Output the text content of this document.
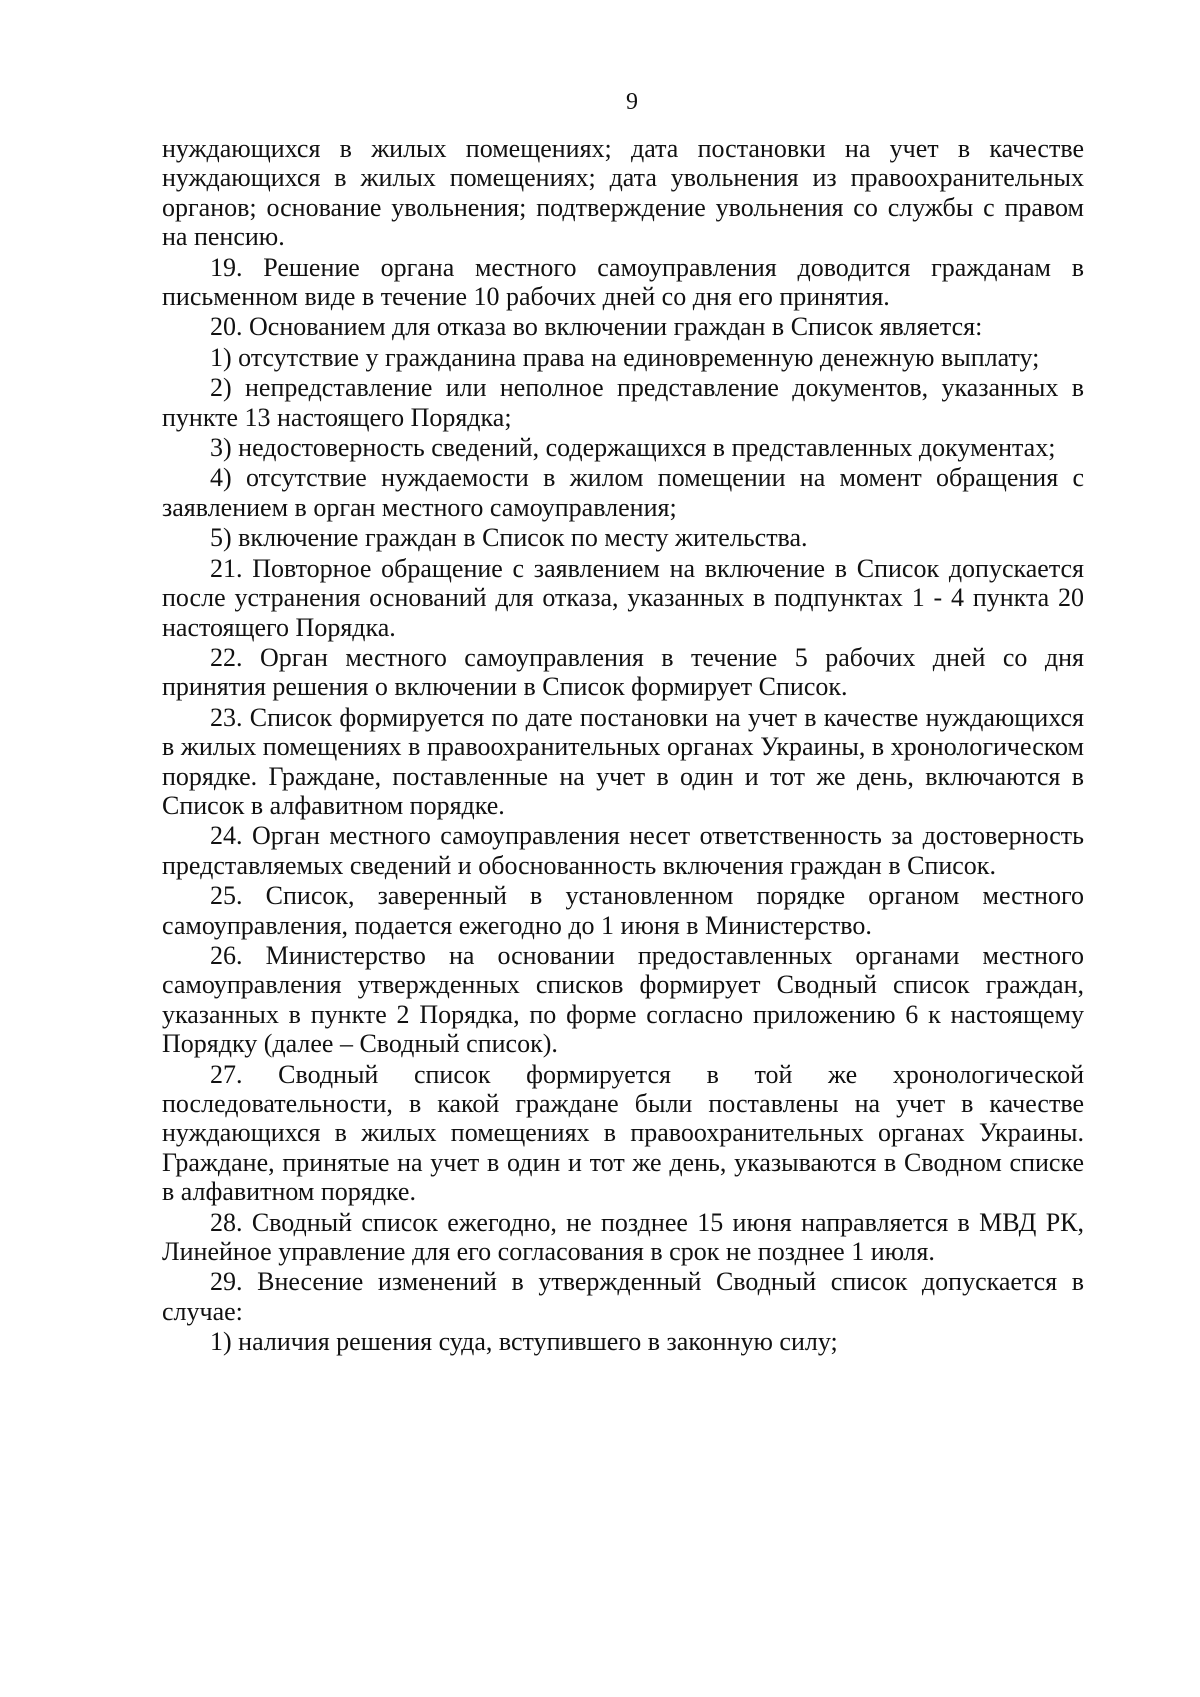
9

нуждающихся в жилых помещениях; дата постановки на учет в качестве нуждающихся в жилых помещениях; дата увольнения из правоохранительных органов; основание увольнения; подтверждение увольнения со службы с правом на пенсию.

19. Решение органа местного самоуправления доводится гражданам в письменном виде в течение 10 рабочих дней со дня его принятия.

20. Основанием для отказа во включении граждан в Список является:

1) отсутствие у гражданина права на единовременную денежную выплату;

2) непредставление или неполное представление документов, указанных в пункте 13 настоящего Порядка;

3) недостоверность сведений, содержащихся в представленных документах;

4) отсутствие нуждаемости в жилом помещении на момент обращения с заявлением в орган местного самоуправления;

5) включение граждан в Список по месту жительства.

21. Повторное обращение с заявлением на включение в Список допускается после устранения оснований для отказа, указанных в подпунктах 1 - 4 пункта 20 настоящего Порядка.

22. Орган местного самоуправления в течение 5 рабочих дней со дня принятия решения о включении в Список формирует Список.

23. Список формируется по дате постановки на учет в качестве нуждающихся в жилых помещениях в правоохранительных органах Украины, в хронологическом порядке. Граждане, поставленные на учет в один и тот же день, включаются в Список в алфавитном порядке.

24. Орган местного самоуправления несет ответственность за достоверность представляемых сведений и обоснованность включения граждан в Список.

25. Список, заверенный в установленном порядке органом местного самоуправления, подается ежегодно до 1 июня в Министерство.

26. Министерство на основании предоставленных органами местного самоуправления утвержденных списков формирует Сводный список граждан, указанных в пункте 2 Порядка, по форме согласно приложению 6 к настоящему Порядку (далее – Сводный список).

27. Сводный список формируется в той же хронологической последовательности, в какой граждане были поставлены на учет в качестве нуждающихся в жилых помещениях в правоохранительных органах Украины. Граждане, принятые на учет в один и тот же день, указываются в Сводном списке в алфавитном порядке.

28. Сводный список ежегодно, не позднее 15 июня направляется в МВД РК, Линейное управление для его согласования в срок не позднее 1 июля.

29. Внесение изменений в утвержденный Сводный список допускается в случае:

1) наличия решения суда, вступившего в законную силу;
